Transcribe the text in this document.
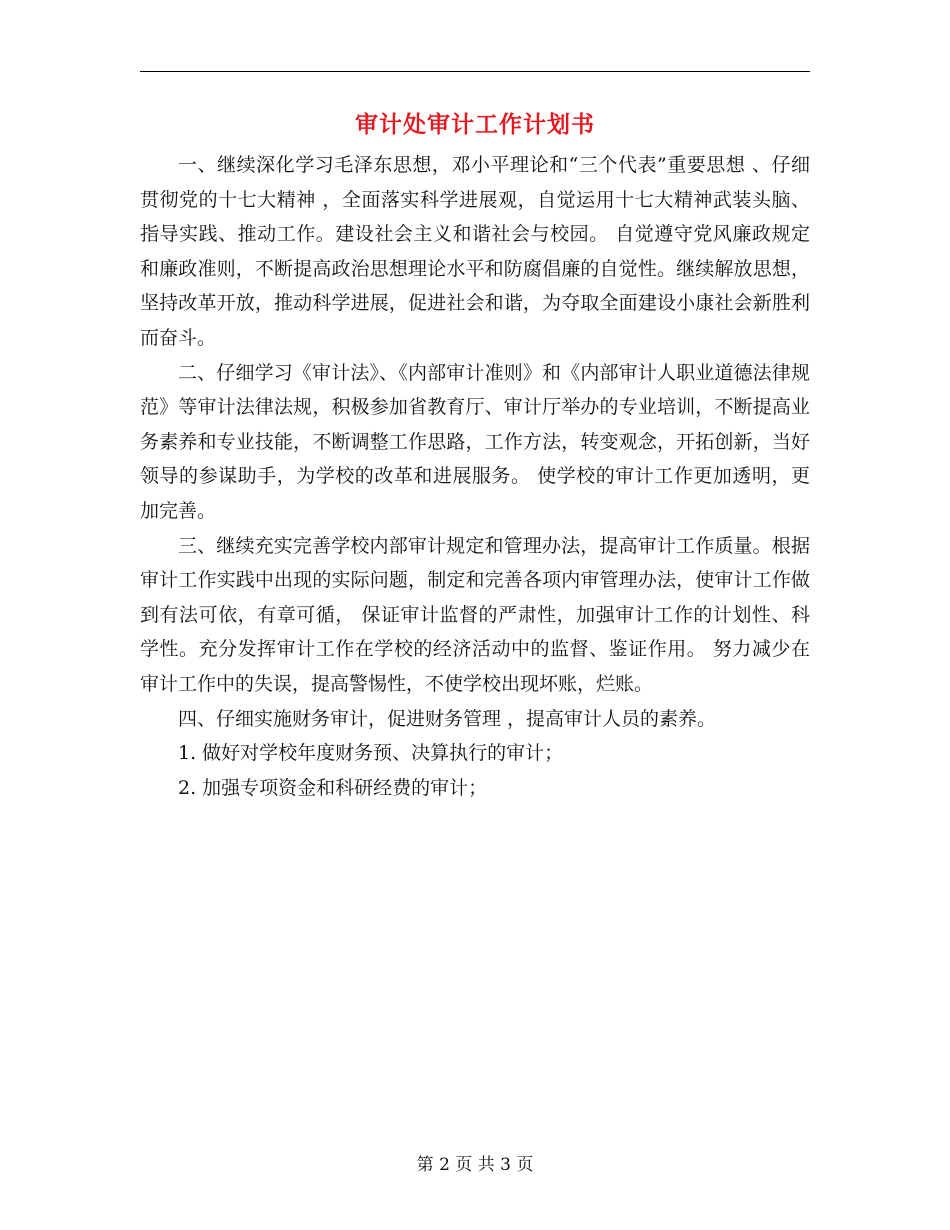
审计处审计工作计划书

一、继续深化学习毛泽东思想，邓小平理论和“三个代表”重要思想 、仔细贯彻党的十七大精神 ，全面落实科学进展观，自觉运用十七大精神武装头脑、指导实践、推动工作。建设社会主义和谐社会与校园。 自觉遵守党风廉政规定和廉政准则，不断提高政治思想理论水平和防腐倡廉的自觉性。继续解放思想，坚持改革开放，推动科学进展，促进社会和谐，为夺取全面建设小康社会新胜利而奋斗。

二、仔细学习《审计法》、《内部审计准则》和《内部审计人职业道德法律规范》等审计法律法规，积极参加省教育厅、审计厅举办的专业培训，不断提高业务素养和专业技能，不断调整工作思路，工作方法，转变观念，开拓创新，当好领导的参谋助手，为学校的改革和进展服务。 使学校的审计工作更加透明，更加完善。

三、继续充实完善学校内部审计规定和管理办法，提高审计工作质量。根据审计工作实践中出现的实际问题，制定和完善各项内审管理办法，使审计工作做到有法可依，有章可循， 保证审计监督的严肃性，加强审计工作的计划性、科学性。充分发挥审计工作在学校的经济活动中的监督、鉴证作用。 努力减少在审计工作中的失误，提高警惕性，不使学校出现坏账，烂账。

四、仔细实施财务审计，促进财务管理 ，提高审计人员的素养。

1. 做好对学校年度财务预、决算执行的审计；

2. 加强专项资金和科研经费的审计；

第 2 页 共 3 页
